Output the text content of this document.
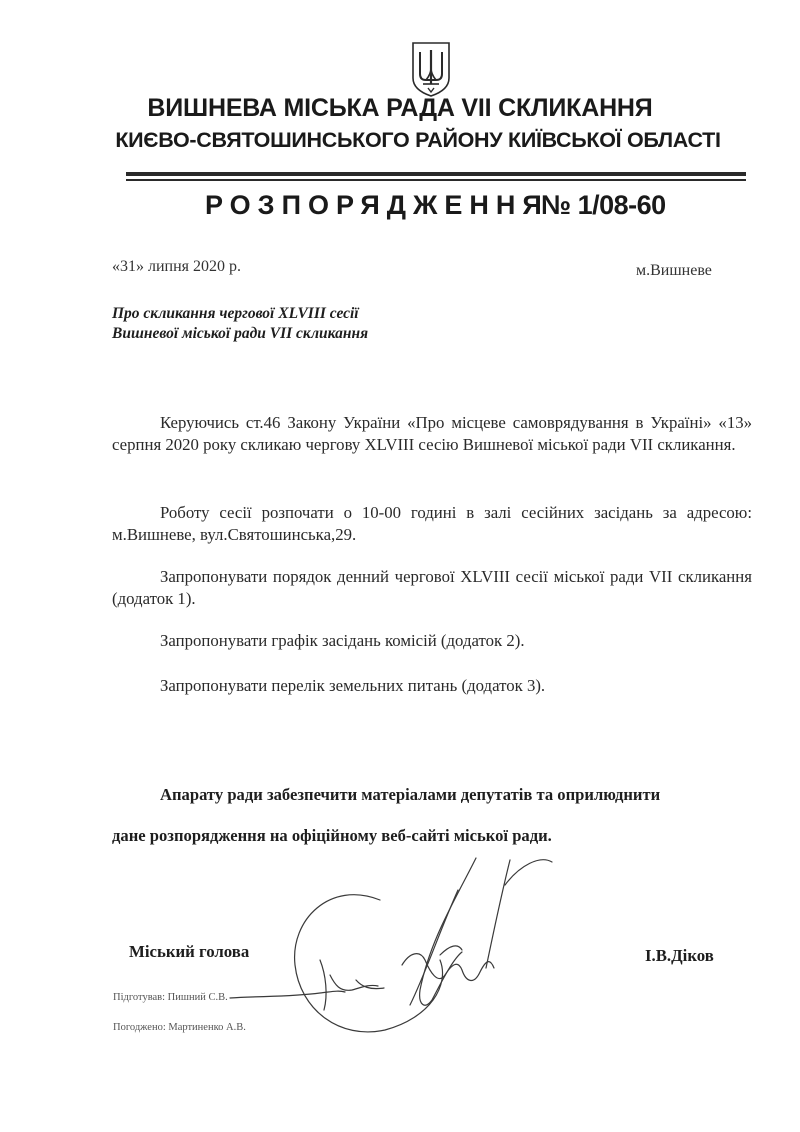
ВИШНЕВА МІСЬКА РАДА VII СКЛИКАННЯ
КИЄВО-СВЯТОШИНСЬКОГО РАЙОНУ КИЇВСЬКОЇ ОБЛАСТІ
РОЗПОРЯДЖЕННЯ
№ 1/08-60
«31» липня 2020 р.	м.Вишневе
Про скликання чергової XLVIII сесії
Вишневої міської ради VII скликання
Керуючись ст.46 Закону України «Про місцеве самоврядування в Україні» «13» серпня 2020 року скликаю чергову XLVIII сесію Вишневої міської ради VII скликання.
Роботу сесії розпочати о 10-00 годині в залі сесійних засідань за адресою: м.Вишневе, вул.Святошинська,29.
Запропонувати порядок денний чергової XLVIII сесії міської ради VII скликання (додаток 1).
Запропонувати графік засідань комісій (додаток 2).
Запропонувати перелік земельних питань (додаток 3).
Апарату ради забезпечити матеріалами депутатів та оприлюднити
дане розпорядження на офіційному веб-сайті міської ради.
Міський голова	І.В.Діков
Підготував: Пишний С.В.
Погоджено: Мартиненко А.В.
